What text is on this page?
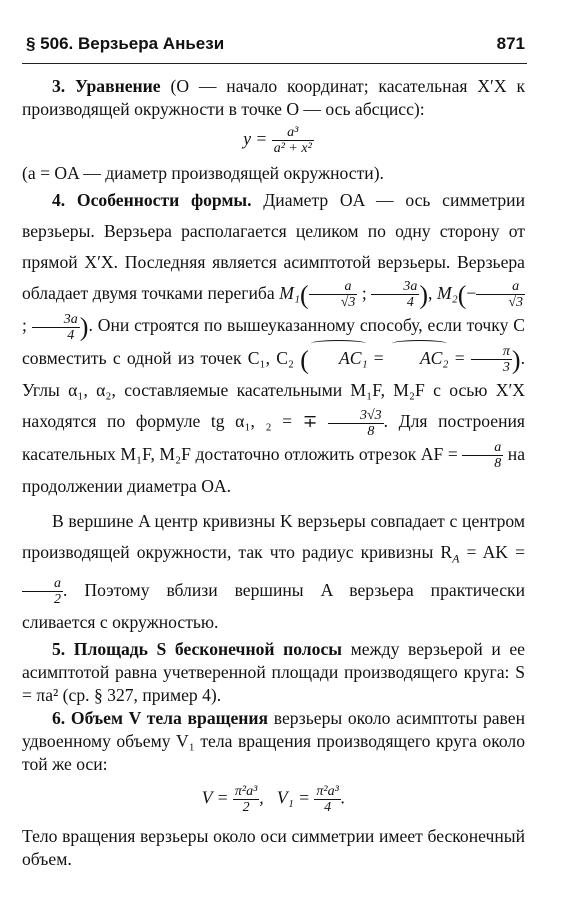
§ 506. Верзьера Аньези	871

3. Уравнение (O — начало координат; касательная X′X к производящей окружности в точке O — ось абсцисс):

$y = \frac{\text{a³}}{\text{a² + x²}}$

(a = OA — диаметр производящей окружности).

4. Особенности формы. Диаметр OA — ось симметрии верзьеры. Верзьера располагается целиком по одну сторону от прямой X′X. Последняя является асимптотой верзьеры. Верзьера обладает двумя точками перегиба $M_1( \frac{a}{√3}$ ; $\frac{3a}{4}$ ), $M_2(- \frac{a}{√3}$
; $\frac{3a}{4}$ ). Они строятся по вышеуказанному способу, если точку C совместить с одной из точек C₁, C₂ ( $AC_1 = AC_2 = \frac{\pi}{3}$ ). Углы α₁, α₂, составляемые касательными M₁F, M₂F с осью X′X находятся по формуле tg α₁, ₂ = ∓ $\frac{3√3}{8}$ . Для построения касательных M₁F, M₂F достаточно отложить отрезок AF = $\frac{a}{8}$ на продолжении диаметра OA.

В вершине A центр кривизны K верзьеры совпадает с центром производящей окружности, так что радиус кривизны $R_A$ = AK =
$\frac{a}{2}$ . Поэтому вблизи вершины A верзьера практически сливается с окружностью.

5. Площадь S бесконечной полосы между верзьерой и ее асимптотой равна учетверенной площади производящего круга: S = πa² (ср. § 327, пример 4).

6. Объем V тела вращения верзьеры около асимптоты равен удвоенному объему V₁ тела вращения производящего круга около той же оси:

$V = \frac{\text{π²a³}}{2}$ ,   $V_1 = \frac{\text{π²a³}}{4}$ .

Тело вращения верзьеры около оси симметрии имеет бесконечный объем.
